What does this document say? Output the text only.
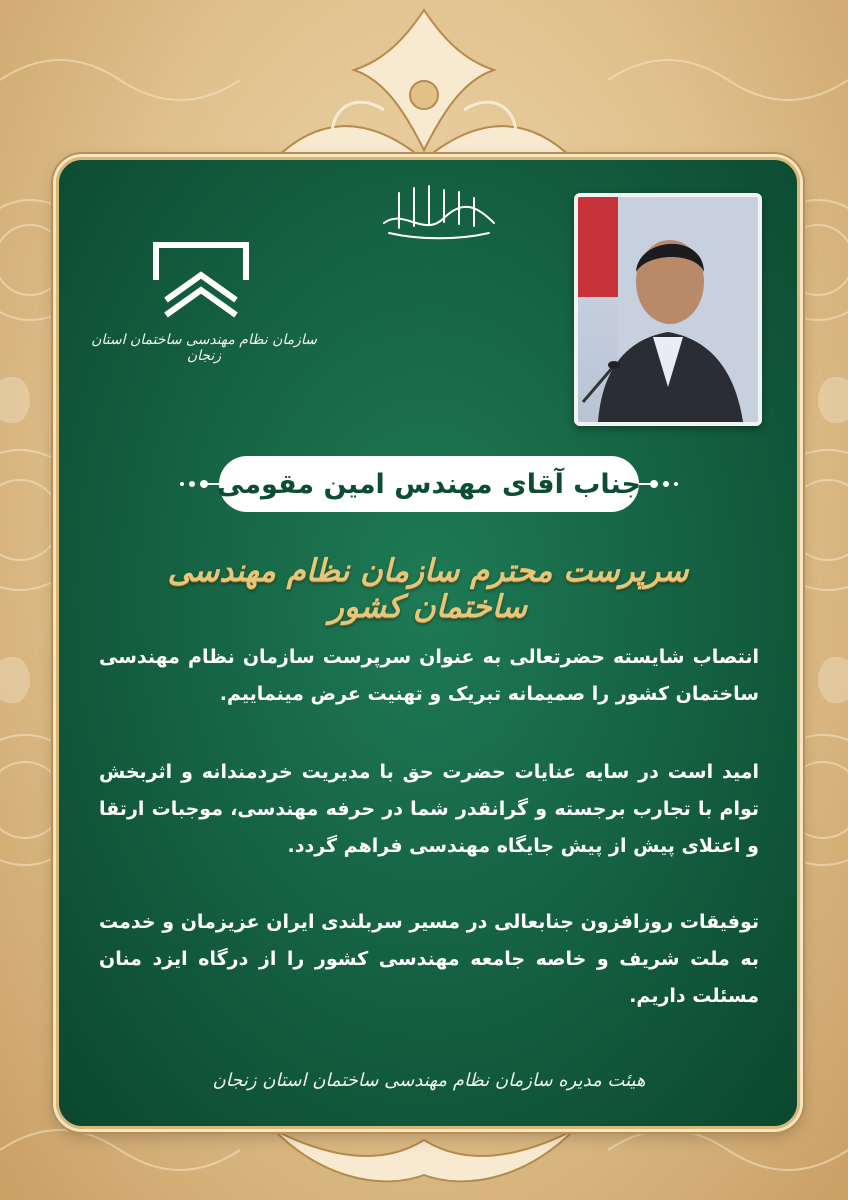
سازمان نظام مهندسی ساختمان استان زنجان
جناب آقای مهندس امین مقومی
سرپرست محترم سازمان نظام مهندسی ساختمان کشور
انتصاب شایسته حضرتعالی به عنوان سرپرست سازمان نظام مهندسی ساختمان کشور را صمیمانه تبریک و تهنیت عرض مینماییم.
امید است در سایه عنایات حضرت حق با مدیریت خردمندانه و اثربخش توام با تجارب برجسته و گرانقدر شما در حرفه مهندسی، موجبات ارتقا و اعتلای پیش از پیش جایگاه مهندسی فراهم گردد.
توفیقات روزافزون جنابعالی در مسیر سربلندی ایران عزیزمان و خدمت به ملت شریف و خاصه جامعه مهندسی کشور را از درگاه ایزد منان مسئلت داریم.
هیئت مدیره سازمان نظام مهندسی ساختمان استان زنجان
